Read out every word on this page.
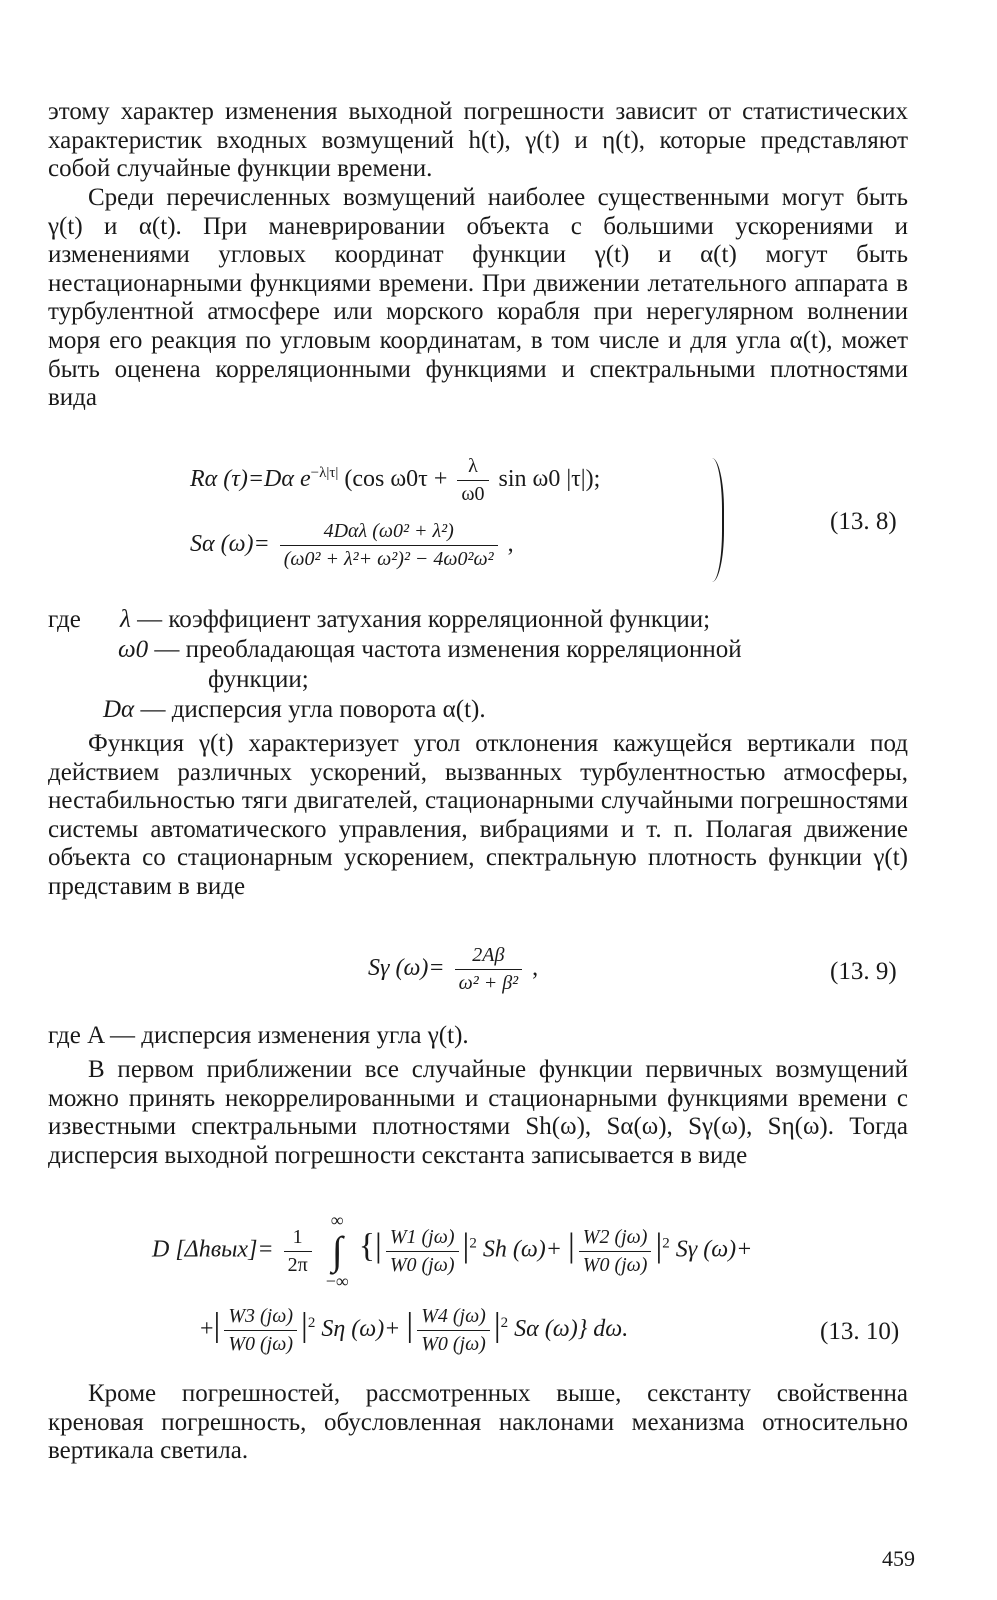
этому характер изменения выходной погрешности зависит от статистических характеристик входных возмущений h(t), γ(t) и η(t), которые представляют собой случайные функции времени.

Среди перечисленных возмущений наиболее существенными могут быть γ(t) и α(t). При маневрировании объекта с большими ускорениями и изменениями угловых координат функции γ(t) и α(t) могут быть нестационарными функциями времени. При движении летательного аппарата в турбулентной атмосфере или морского корабля при нерегулярном волнении моря его реакция по угловым координатам, в том числе и для угла α(t), может быть оценена корреляционными функциями и спектральными плотностями вида

Rα (τ)=Dα $e^{-\lambda|\tau|}$ (cos $\omega 0\tau + \frac{\lambda}{\omega 0}$ sin ω0 |τ|);
Sα $(\omega)= \frac{\text{4Dαλ (ω0² + λ²)}}{\text{(ω0² + λ²+ ω²)² − 4ω0²ω²}}$ ,
(13. 8)
где λ — коэффициент затухания корреляционной функции;
ω0 — преобладающая частота изменения корреляционной
функции;
Dα — дисперсия угла поворота α(t).

Функция γ(t) характеризует угол отклонения кажущейся вертикали под действием различных ускорений, вызванных турбулентностью атмосферы, нестабильностью тяги двигателей, стационарными случайными погрешностями системы автоматического управления, вибрациями и т. п. Полагая движение объекта со стационарным ускорением, спектральную плотность функции γ(t) представим в виде

Sγ $(\omega)= \frac{2A\beta}{\text{ω² + β²}}$ ,	(13. 9)
где A — дисперсия изменения угла γ(t).

В первом приближении все случайные функции первичных возмущений можно принять некоррелированными и стационарными функциями времени с известными спектральными плотностями Sh(ω), Sα(ω), Sγ(ω), Sη(ω). Тогда дисперсия выходной погрешности секстанта записывается в виде

D [Δhвых]= $\frac{1}{2\pi}$

∞
∫
−∞
{| $\frac{W1 (j\omega)}{W0 (j\omega)} |^2$ Sh (ω)+ | $\frac{W2 (j\omega)}{W0 (j\omega)} |^2$ Sγ (ω)+
+| $\frac{W3 (j\omega)}{W0 (j\omega)} |^2$ Sη (ω)+ | $\frac{W4 (j\omega)}{W0 (j\omega)} |^2$ Sα (ω)} dω.	(13. 10)

Кроме погрешностей, рассмотренных выше, секстанту свойственна креновая погрешность, обусловленная наклонами механизма относительно вертикала светила.

459
